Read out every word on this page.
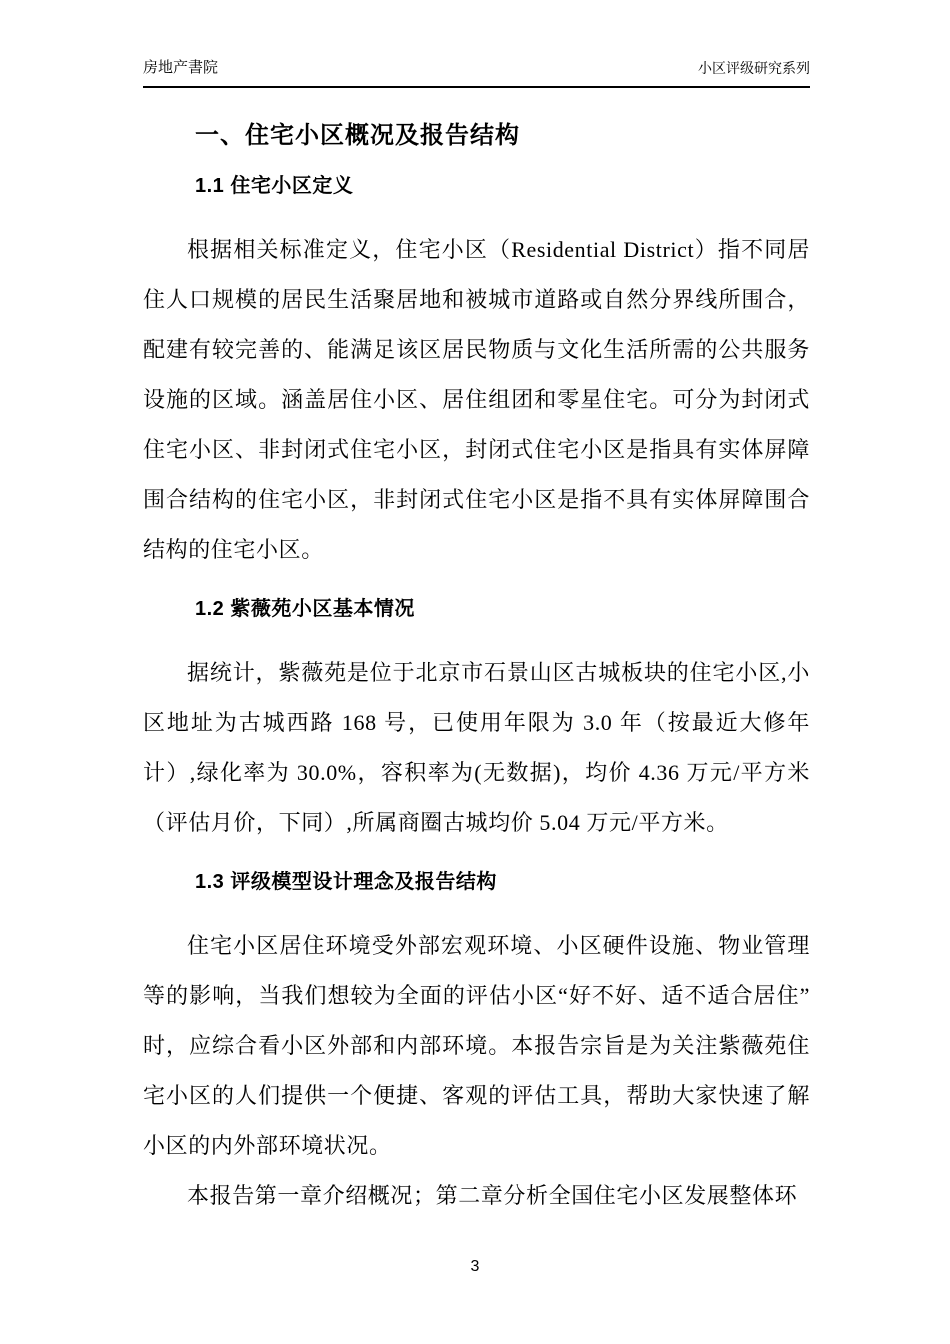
房地产書院	小区评级研究系列
一、住宅小区概况及报告结构
1.1 住宅小区定义

根据相关标准定义，住宅小区（Residential District）指不同居住人口规模的居民生活聚居地和被城市道路或自然分界线所围合，配建有较完善的、能满足该区居民物质与文化生活所需的公共服务设施的区域。涵盖居住小区、居住组团和零星住宅。可分为封闭式住宅小区、非封闭式住宅小区，封闭式住宅小区是指具有实体屏障围合结构的住宅小区，非封闭式住宅小区是指不具有实体屏障围合结构的住宅小区。

1.2 紫薇苑小区基本情况

据统计，紫薇苑是位于北京市石景山区古城板块的住宅小区,小区地址为古城西路 168 号，已使用年限为 3.0 年（按最近大修年计）,绿化率为 30.0%，容积率为(无数据)，均价 4.36 万元/平方米（评估月价，下同）,所属商圈古城均价 5.04 万元/平方米。

1.3 评级模型设计理念及报告结构

住宅小区居住环境受外部宏观环境、小区硬件设施、物业管理等的影响，当我们想较为全面的评估小区“好不好、适不适合居住”时，应综合看小区外部和内部环境。本报告宗旨是为关注紫薇苑住宅小区的人们提供一个便捷、客观的评估工具，帮助大家快速了解小区的内外部环境状况。

本报告第一章介绍概况；第二章分析全国住宅小区发展整体环

3
